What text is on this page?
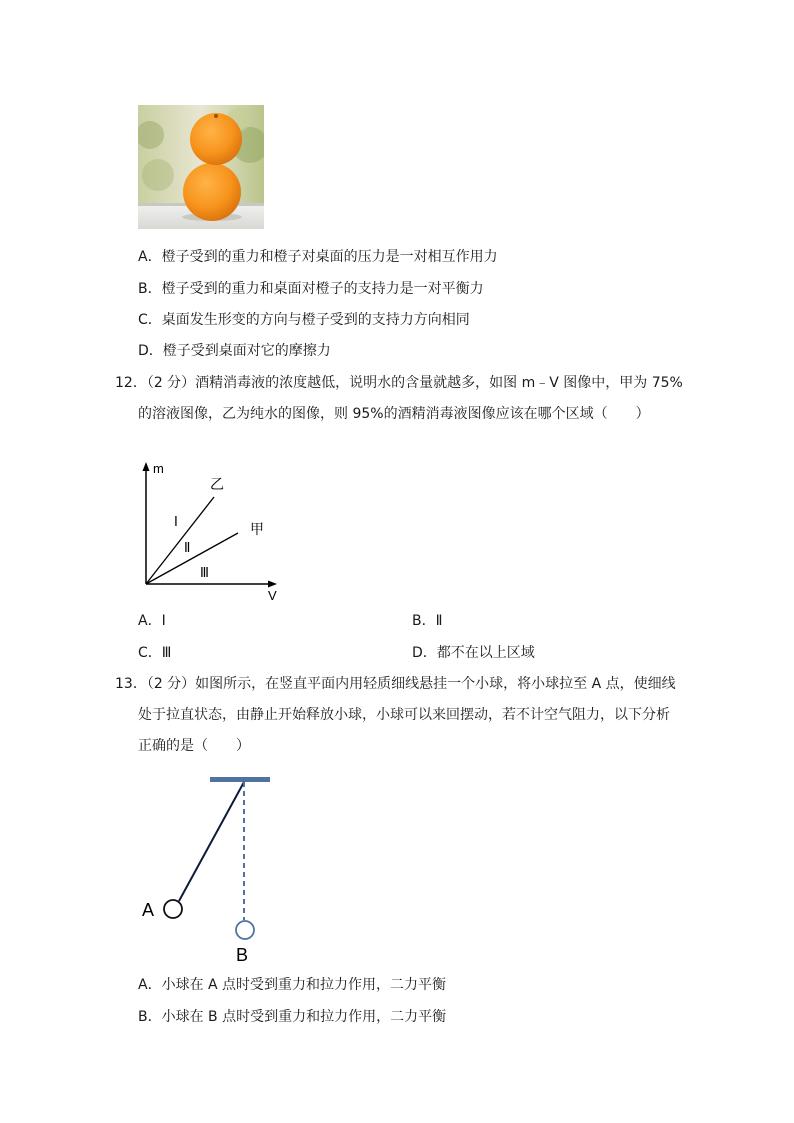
A．橙子受到的重力和橙子对桌面的压力是一对相互作用力
B．橙子受到的重力和桌面对橙子的支持力是一对平衡力
C．桌面发生形变的方向与橙子受到的支持力方向相同
D．橙子受到桌面对它的摩擦力
12．（2 分）酒精消毒液的浓度越低，说明水的含量就越多，如图 m﹣V 图像中，甲为 75%
的溶液图像，乙为纯水的图像，则 95%的酒精消毒液图像应该在哪个区域（　　）
m
V
乙
甲
Ⅰ
Ⅱ
Ⅲ
A．Ⅰ	B．Ⅱ
C．Ⅲ	D．都不在以上区域
13．（2 分）如图所示，在竖直平面内用轻质细线悬挂一个小球，将小球拉至 A 点，使细线
处于拉直状态，由静止开始释放小球，小球可以来回摆动，若不计空气阻力，以下分析
正确的是（　　）
A
B
A．小球在 A 点时受到重力和拉力作用，二力平衡
B．小球在 B 点时受到重力和拉力作用，二力平衡
